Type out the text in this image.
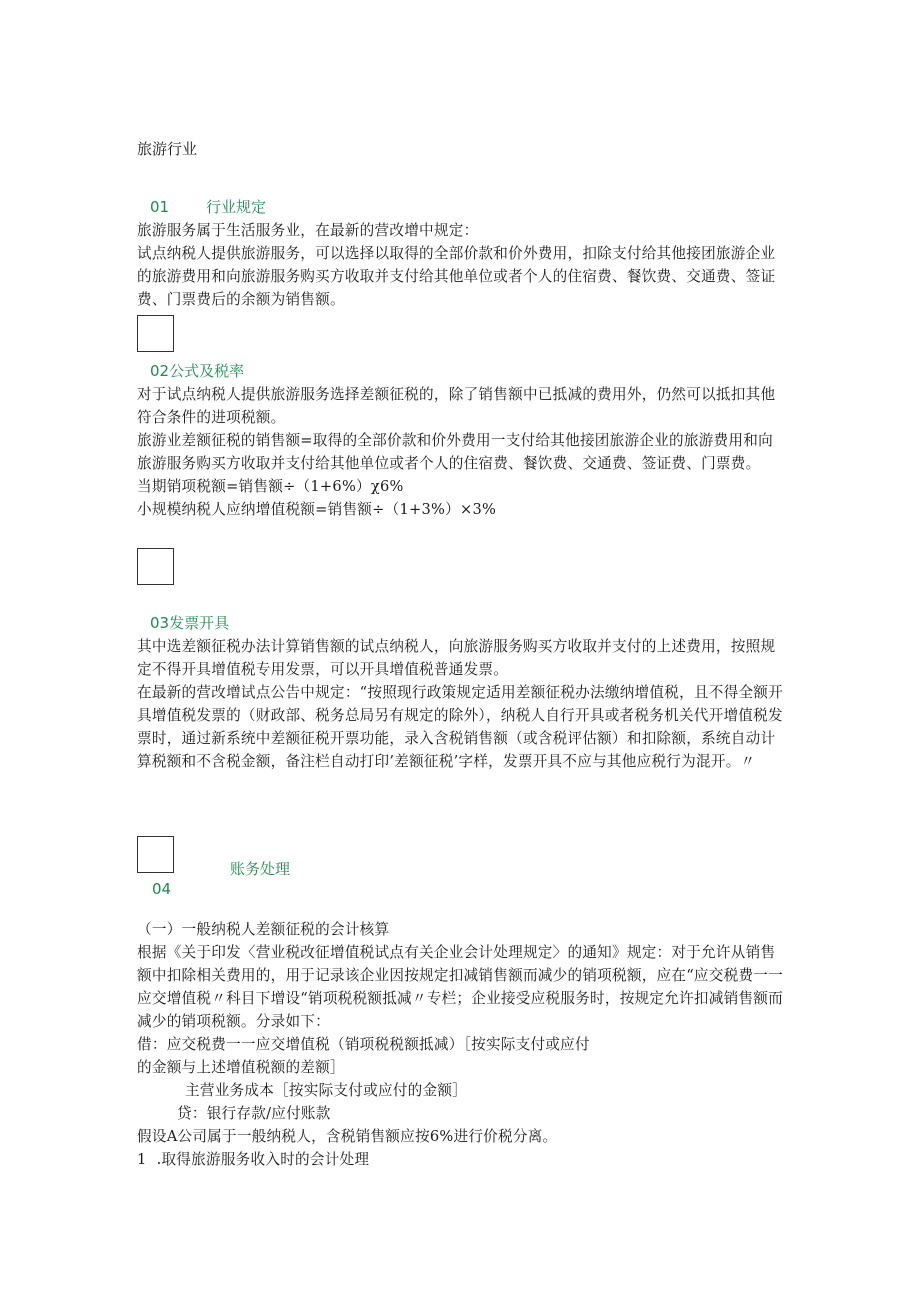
旅游行业
01 行业规定

旅游服务属于生活服务业，在最新的营改增中规定：

试点纳税人提供旅游服务，可以选择以取得的全部价款和价外费用，扣除支付给其他接团旅游企业的旅游费用和向旅游服务购买方收取并支付给其他单位或者个人的住宿费、餐饮费、交通费、签证费、门票费后的余额为销售额。

02公式及税率

对于试点纳税人提供旅游服务选择差额征税的，除了销售额中已抵减的费用外，仍然可以抵扣其他符合条件的进项税额。

旅游业差额征税的销售额=取得的全部价款和价外费用一支付给其他接团旅游企业的旅游费用和向旅游服务购买方收取并支付给其他单位或者个人的住宿费、餐饮费、交通费、签证费、门票费。

当期销项税额=销售额÷（1+6%）χ6%

小规模纳税人应纳增值税额=销售额÷（1+3%）×3%

03发票开具

其中选差额征税办法计算销售额的试点纳税人，向旅游服务购买方收取并支付的上述费用，按照规定不得开具增值税专用发票，可以开具增值税普通发票。

在最新的营改增试点公告中规定：“按照现行政策规定适用差额征税办法缴纳增值税，且不得全额开具增值税发票的（财政部、税务总局另有规定的除外），纳税人自行开具或者税务机关代开增值税发票时，通过新系统中差额征税开票功能，录入含税销售额（或含税评估额）和扣除额，系统自动计算税额和不含税金额，备注栏自动打印’差额征税’字样，发票开具不应与其他应税行为混开。〃

账务处理
04

（一）一般纳税人差额征税的会计核算

根据《关于印发〈营业税改征增值税试点有关企业会计处理规定〉的通知》规定：对于允许从销售额中扣除相关费用的，用于记录该企业因按规定扣减销售额而减少的销项税额，应在“应交税费一一应交增值税〃科目下增设“销项税税额抵减〃专栏；企业接受应税服务时，按规定允许扣减销售额而减少的销项税额。分录如下：

借：应交税费一一应交增值税（销项税税额抵减）［按实际支付或应付

的金额与上述增值税额的差额］

主营业务成本［按实际支付或应付的金额］

贷：银行存款/应付账款

假设A公司属于一般纳税人，含税销售额应按6%进行价税分离。

1	.取得旅游服务收入时的会计处理
